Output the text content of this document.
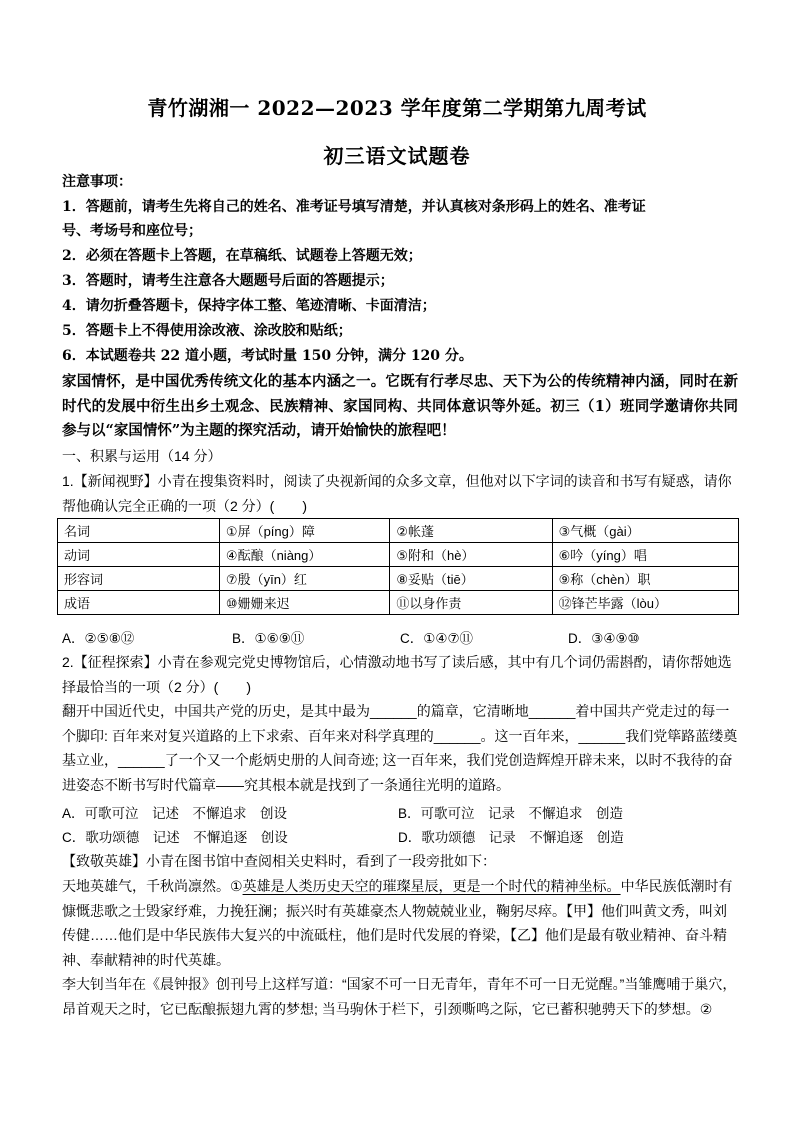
青竹湖湘一 2022—2023 学年度第二学期第九周考试
初三语文试题卷
注意事项：
1．答题前，请考生先将自己的姓名、准考证号填写清楚，并认真核对条形码上的姓名、准考证
号、考场号和座位号；
2．必须在答题卡上答题，在草稿纸、试题卷上答题无效；
3．答题时，请考生注意各大题题号后面的答题提示；
4．请勿折叠答题卡，保持字体工整、笔迹清晰、卡面清洁；
5．答题卡上不得使用涂改液、涂改胶和贴纸；
6．本试题卷共 22 道小题，考试时量 150 分钟，满分 120 分。
家国情怀，是中国优秀传统文化的基本内涵之一。它既有行孝尽忠、天下为公的传统精神内涵，同时在新时代的发展中衍生出乡土观念、民族精神、家国同构、共同体意识等外延。初三（1）班同学邀请你共同参与以“家国情怀”为主题的探究活动，请开始愉快的旅程吧！
一、积累与运用（14 分）
1.【新闻视野】小青在搜集资料时，阅读了央视新闻的众多文章，但他对以下字词的读音和书写有疑惑，请你帮他确认完全正确的一项（2 分）(　　)
名词	①屏（píng）障	②帐蓬	③气概（gài）
动词	④酝酿（niàng）	⑤附和（hè）	⑥吟（yíng）唱
形容词	⑦殷（yīn）红	⑧妥贴（tiē）	⑨称（chèn）职
成语	⑩姗姗来迟	⑪以身作责	⑫锋芒毕露（lòu）
A．②⑤⑧⑫	B．①⑥⑨⑪	C．①④⑦⑪	D．③④⑨⑩
2.【征程探索】小青在参观完党史博物馆后，心情激动地书写了读后感，其中有几个词仍需斟酌，请你帮她选择最恰当的一项（2 分）(　　)
翻开中国近代史，中国共产党的历史，是其中最为______的篇章，它清晰地______着中国共产党走过的每一个脚印: 百年来对复兴道路的上下求索、百年来对科学真理的______。这一百年来，______我们党筚路蓝缕奠基立业，______了一个又一个彪炳史册的人间奇迹; 这一百年来，我们党创造辉煌开辟未来，以时不我待的奋进姿态不断书写时代篇章——究其根本就是找到了一条通往光明的道路。
A．可歌可泣　记述　不懈追求　创设	B．可歌可泣　记录　不懈追求　创造
C．歌功颂德　记述　不懈追逐　创设	D．歌功颂德　记录　不懈追逐　创造
【致敬英雄】小青在图书馆中查阅相关史料时，看到了一段旁批如下：
天地英雄气，千秋尚凛然。①英雄是人类历史天空的璀璨星辰，更是一个时代的精神坐标。中华民族低潮时有慷慨悲歌之士毁家纾难，力挽狂澜；振兴时有英雄豪杰人物兢兢业业，鞠躬尽瘁。【甲】他们叫黄文秀，叫刘传健……他们是中华民族伟大复兴的中流砥柱，他们是时代发展的脊梁，【乙】他们是最有敬业精神、奋斗精神、奉献精神的时代英雄。
李大钊当年在《晨钟报》创刊号上这样写道：“国家不可一日无青年，青年不可一日无觉醒。”当雏鹰哺于巢穴，昂首观天之时，它已酝酿振翅九霄的梦想; 当马驹休于栏下，引颈嘶鸣之际，它已蓄积驰骋天下的梦想。②
